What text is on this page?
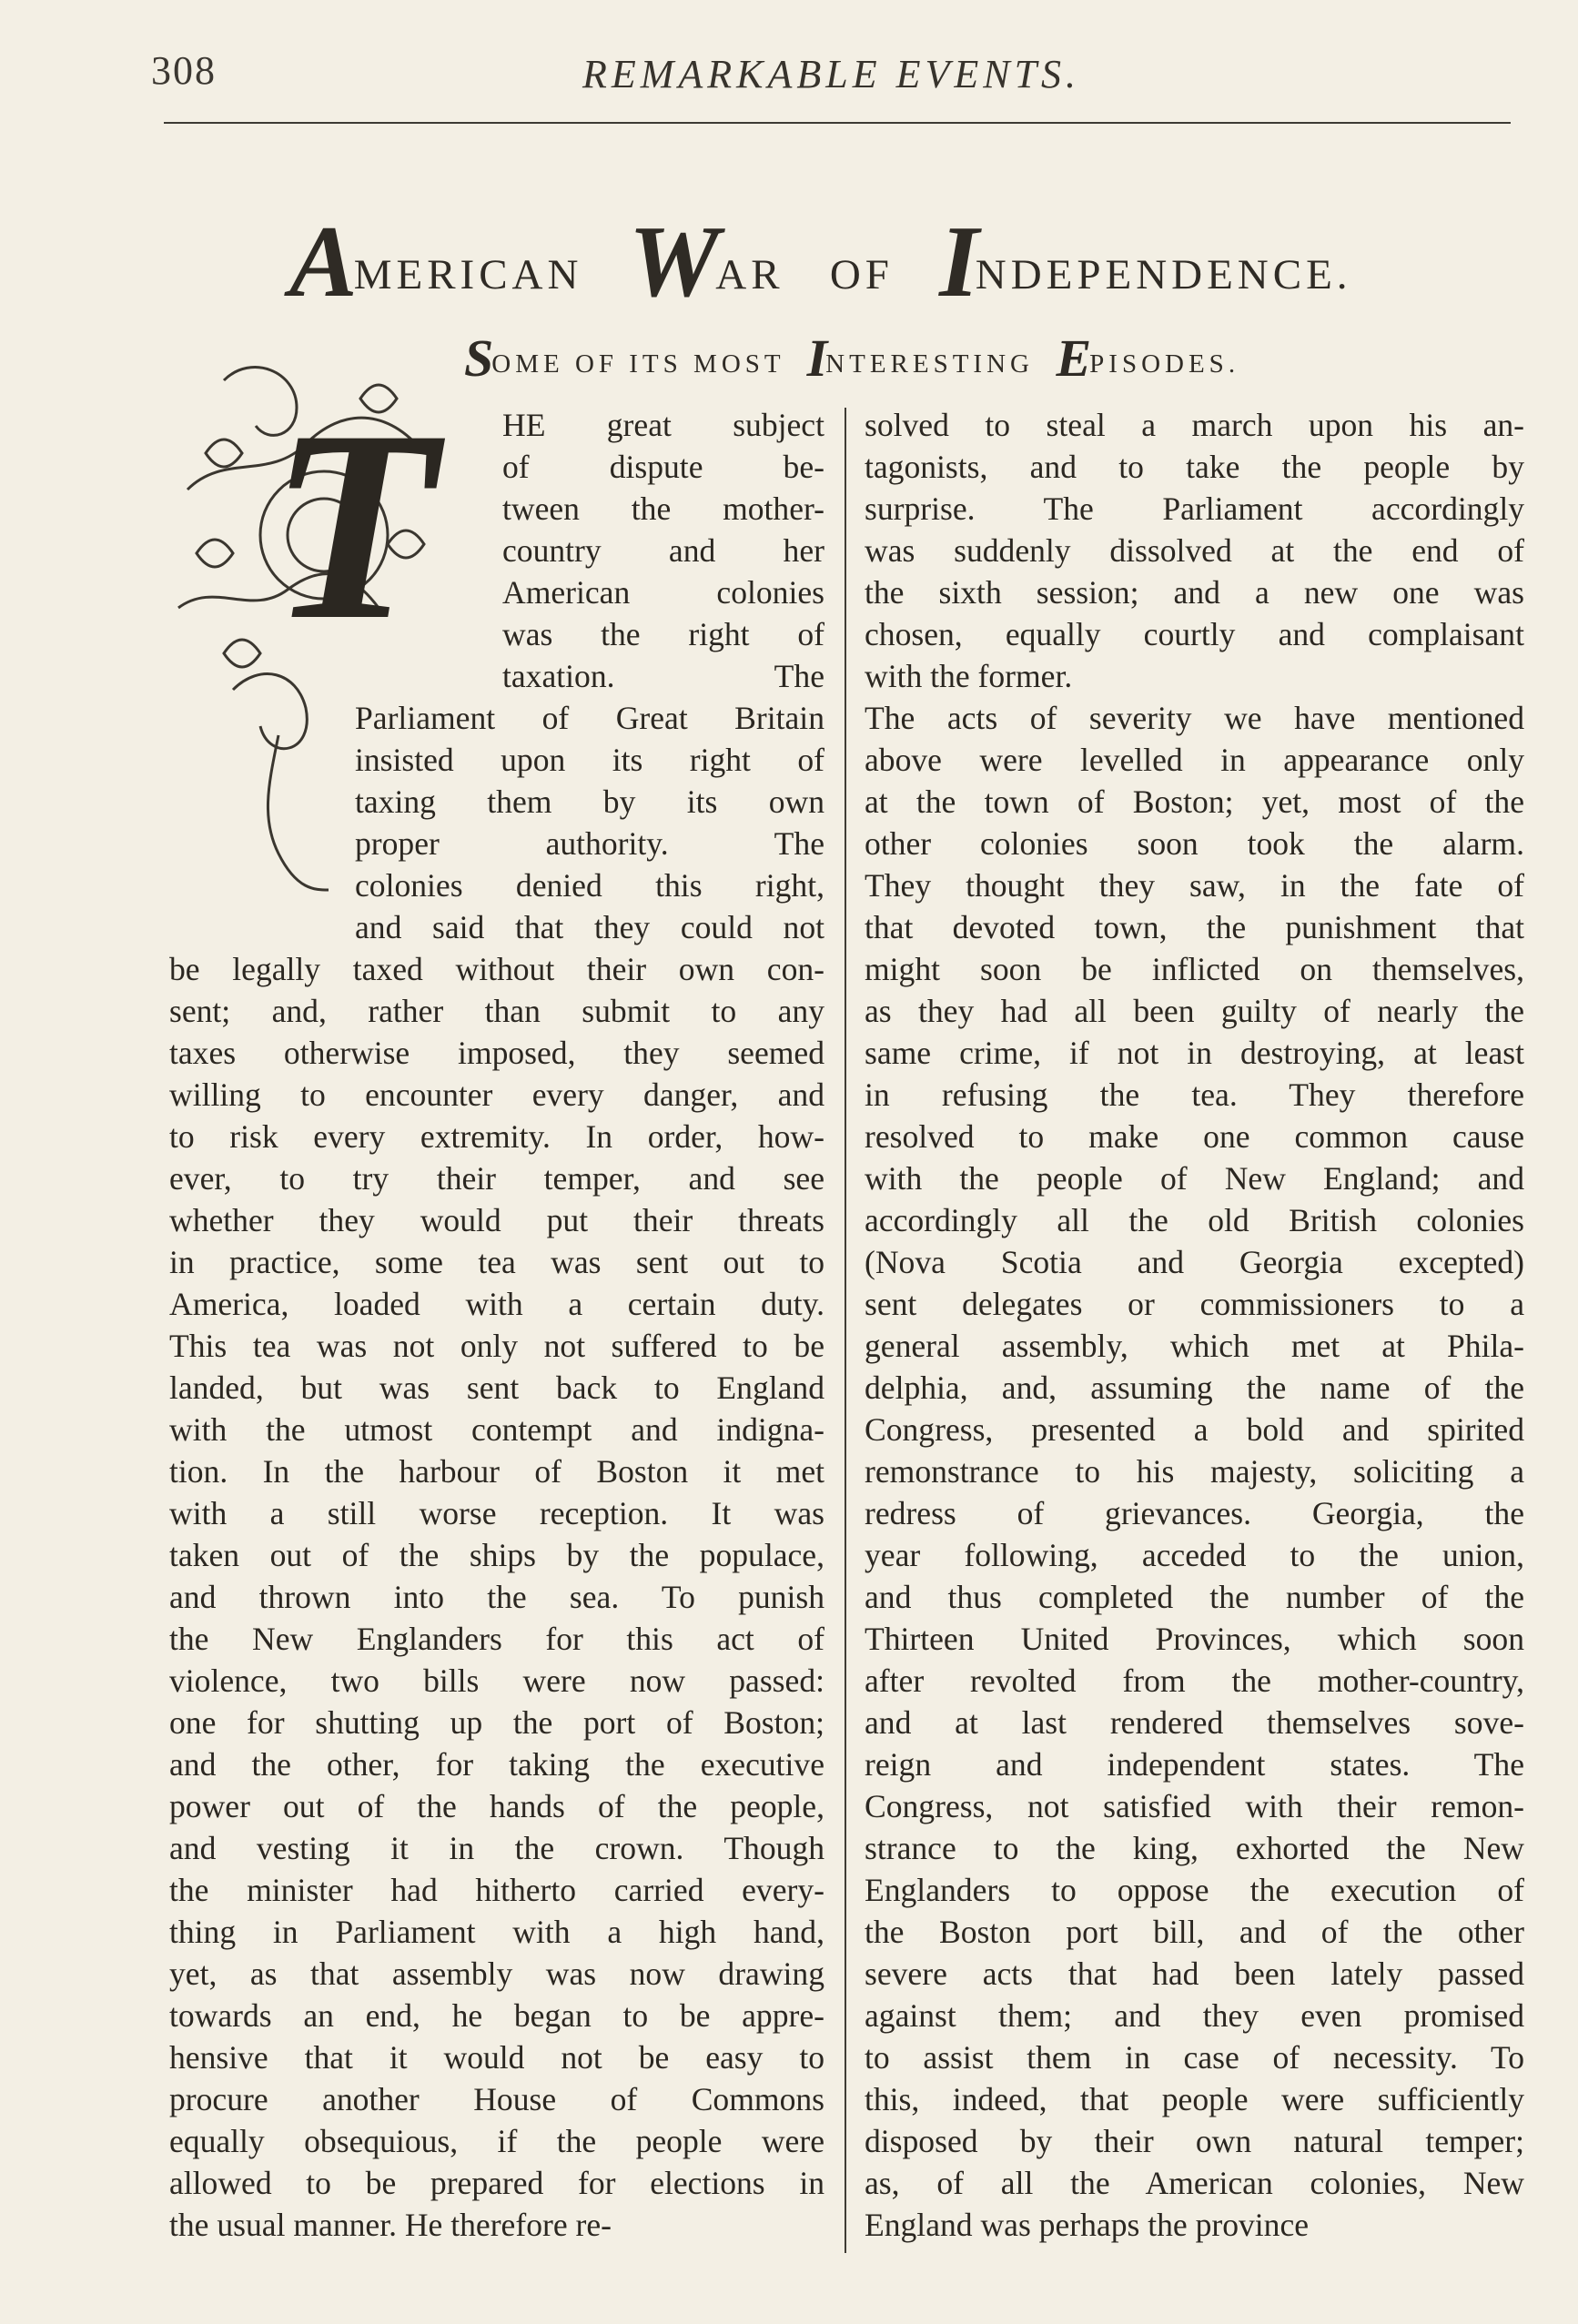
308	REMARKABLE EVENTS.
AMERICAN WAR OF INDEPENDENCE.
SOME OF ITS MOST INTERESTING EPISODES.
T	HE great subject
of dispute be-
tween the mother-
country and her
American colonies
was the right of
taxation. The
Parliament of Great Britain
insisted upon its right of
taxing them by its own
proper authority. The
colonies denied this right,
and said that they could not
be legally taxed without their own con-
sent; and, rather than submit to any
taxes otherwise imposed, they seemed
willing to encounter every danger, and
to risk every extremity. In order, how-
ever, to try their temper, and see
whether they would put their threats
in practice, some tea was sent out to
America, loaded with a certain duty.
This tea was not only not suffered to be
landed, but was sent back to England
with the utmost contempt and indigna-
tion. In the harbour of Boston it met
with a still worse reception. It was
taken out of the ships by the populace,
and thrown into the sea. To punish
the New Englanders for this act of
violence, two bills were now passed:
one for shutting up the port of Boston;
and the other, for taking the executive
power out of the hands of the people,
and vesting it in the crown. Though
the minister had hitherto carried every-
thing in Parliament with a high hand,
yet, as that assembly was now drawing
towards an end, he began to be appre-
hensive that it would not be easy to
procure another House of Commons
equally obsequious, if the people were
allowed to be prepared for elections in
the usual manner. He therefore re-
solved to steal a march upon his an-
tagonists, and to take the people by
surprise. The Parliament accordingly
was suddenly dissolved at the end of
the sixth session; and a new one was
chosen, equally courtly and complaisant
with the former.
The acts of severity we have mentioned
above were levelled in appearance only
at the town of Boston; yet, most of the
other colonies soon took the alarm.
They thought they saw, in the fate of
that devoted town, the punishment that
might soon be inflicted on themselves,
as they had all been guilty of nearly the
same crime, if not in destroying, at least
in refusing the tea. They therefore
resolved to make one common cause
with the people of New England; and
accordingly all the old British colonies
(Nova Scotia and Georgia excepted)
sent delegates or commissioners to a
general assembly, which met at Phila-
delphia, and, assuming the name of the
Congress, presented a bold and spirited
remonstrance to his majesty, soliciting a
redress of grievances. Georgia, the
year following, acceded to the union,
and thus completed the number of the
Thirteen United Provinces, which soon
after revolted from the mother-country,
and at last rendered themselves sove-
reign and independent states. The
Congress, not satisfied with their remon-
strance to the king, exhorted the New
Englanders to oppose the execution of
the Boston port bill, and of the other
severe acts that had been lately passed
against them; and they even promised
to assist them in case of necessity. To
this, indeed, that people were sufficiently
disposed by their own natural temper;
as, of all the American colonies, New
England was perhaps the province
